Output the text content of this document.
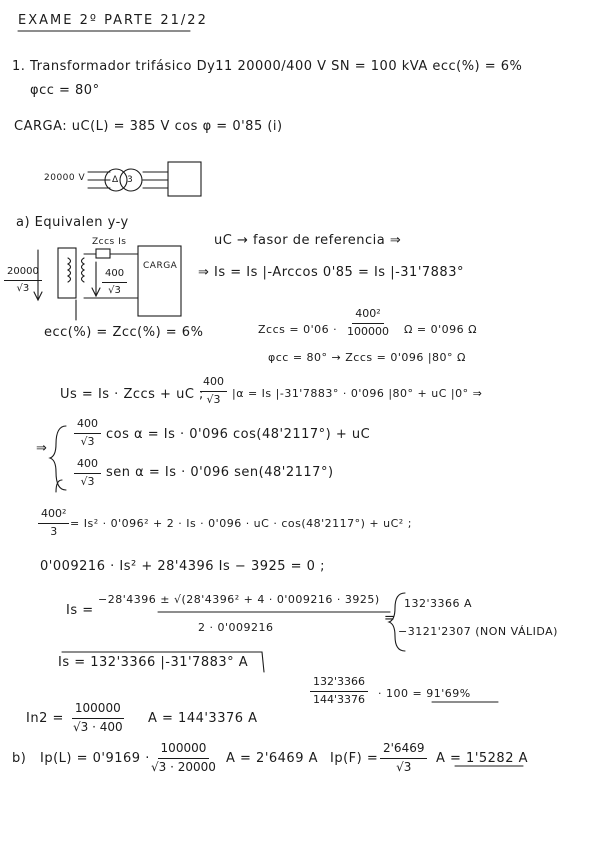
EXAME 2º PARTE 21/22
1. Transformador trifásico Dy11 20000/400 V SN = 100 kVA ecc(%) = 6%
φcc = 80°
CARGA: uC(L) = 385 V cos φ = 0'85 (i)
20000 V	Δ 3
a) Equivalen y-y
uC → fasor de referencia ⇒
$\frac{20000}{√3}$
Zccs Is
$\frac{400}{√3}$
CARGA ⇒ Is = Is |-Arccos 0'85 = Is |-31'7883°
ecc(%) = Zcc(%) = 6%	Zccs = $0'06 \cdot \frac{\text{400²}}{100000}$ Ω = 0'096 Ω
φcc = 80° → Zccs = 0'096 |80° Ω
Us = Is · Zccs + uC ;
$\frac{400}{√3} |\alpha = Is$ |-31'7883° · 0'096 |80° + uC |0° ⇒
⇒
$\frac{400}{√3}$ cos α = Is · 0'096 cos(48'2117°) + uC
$\frac{400}{√3}$ sen α = Is · 0'096 sen(48'2117°)
$\frac{\text{400²}}{3} = Is^2 \cdot 0'096^2 + 2 \cdot Is \cdot 0'096$ · uC · cos(48'2117°) + uC² ;
0'009216 · Is² + 28'4396 Is − 3925 = 0 ;
Is =
−28'4396 ± √(28'4396² + 4 · 0'009216 · 3925)
2 · 0'009216
=
132'3366 A
−3121'2307 (NON VÁLIDA)
Is = 132'3366 |-31'7883° A
$\frac{132'3366}{144'3376} \cdot 100 = 91'69\%$
$In2 = \frac{100000}{√3 \cdot 400}$ A = 144'3376 A
b) Ip(L) = 0'9169 ·
$\frac{100000}{√3 \cdot 20000}$ A = 2'6469 A $Ip(F) = \frac{2'6469}{√3}$ A = 1'5282 A
